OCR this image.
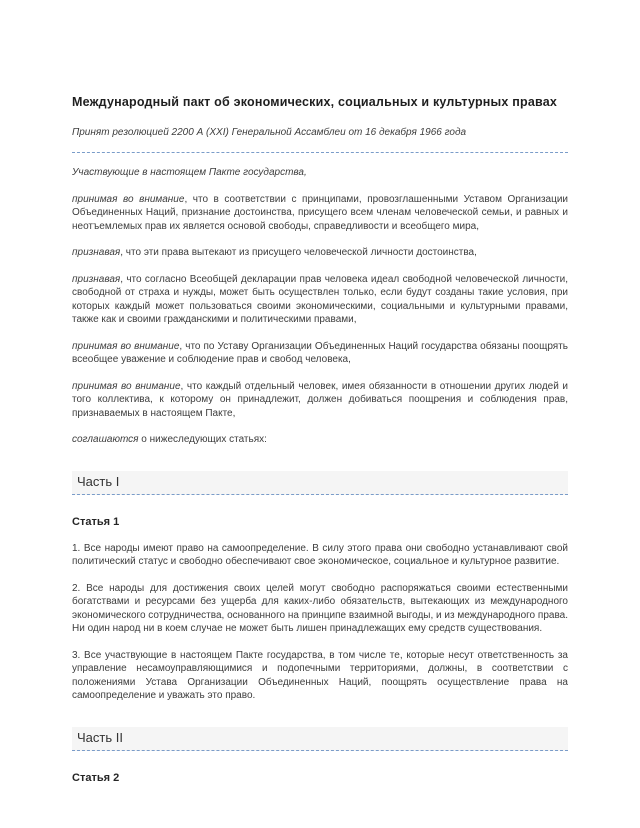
Международный пакт об экономических, социальных и культурных правах

Принят резолюцией 2200 А (XXI) Генеральной Ассамблеи от 16 декабря 1966 года

Участвующие в настоящем Пакте государства,

принимая во внимание, что в соответствии с принципами, провозглашенными Уставом Организации Объединенных Наций, признание достоинства, присущего всем членам человеческой семьи, и равных и неотъемлемых прав их является основой свободы, справедливости и всеобщего мира,

признавая, что эти права вытекают из присущего человеческой личности достоинства,

признавая, что согласно Всеобщей декларации прав человека идеал свободной человеческой личности, свободной от страха и нужды, может быть осуществлен только, если будут созданы такие условия, при которых каждый может пользоваться своими экономическими, социальными и культурными правами, также как и своими гражданскими и политическими правами,

принимая во внимание, что по Уставу Организации Объединенных Наций государства обязаны поощрять всеобщее уважение и соблюдение прав и свобод человека,

принимая во внимание, что каждый отдельный человек, имея обязанности в отношении других людей и того коллектива, к которому он принадлежит, должен добиваться поощрения и соблюдения прав, признаваемых в настоящем Пакте,

соглашаются о нижеследующих статьях:

Часть I
Статья 1

1. Все народы имеют право на самоопределение. В силу этого права они свободно устанавливают свой политический статус и свободно обеспечивают свое экономическое, социальное и культурное развитие.

2. Все народы для достижения своих целей могут свободно распоряжаться своими естественными богатствами и ресурсами без ущерба для каких-либо обязательств, вытекающих из международного экономического сотрудничества, основанного на принципе взаимной выгоды, и из международного права. Ни один народ ни в коем случае не может быть лишен принадлежащих ему средств существования.

3. Все участвующие в настоящем Пакте государства, в том числе те, которые несут ответственность за управление несамоуправляющимися и подопечными территориями, должны, в соответствии с положениями Устава Организации Объединенных Наций, поощрять осуществление права на самоопределение и уважать это право.

Часть II
Статья 2
